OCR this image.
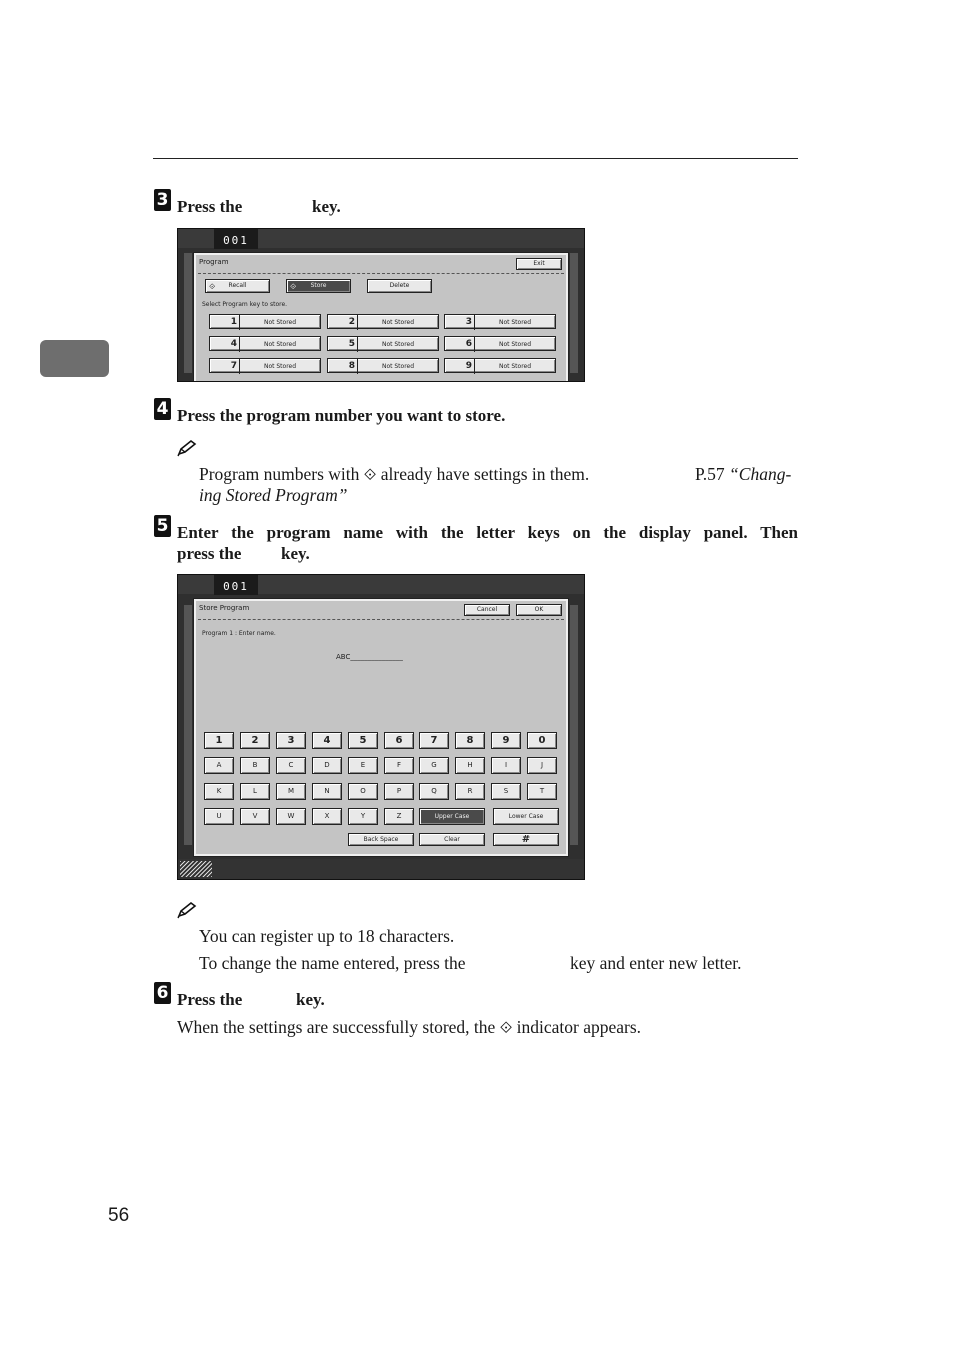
3 Press the	key.
001
Program	Exit
⟐ Recall	⟐ Store	Delete
Select Program key to store.
1	Not Stored	2	Not Stored	3	Not Stored
4	Not Stored	5	Not Stored	6	Not Stored
7	Not Stored	8	Not Stored	9	Not Stored
4 Press the program number you want to store.
Program numbers with ⟐ already have settings in them.	P.57 “Chang-
ing Stored Program”
5 Enter the program name with the letter keys on the display panel. Then
press the key.
001
Store Program	Cancel	OK
Program 1 : Enter name.
ABC_______________
1	2	3	4	5	6	7	8	9	0
A	B	C	D	E	F	G	H	I	J
K	L	M	N	O	P	Q	R	S	T
U	V	W	X	Y	Z	Upper Case	Lower Case
Back Space	Clear	#
You can register up to 18 characters.
To change the name entered, press the	key and enter new letter.
6 Press the	key.
When the settings are successfully stored, the ⟐ indicator appears.
56
